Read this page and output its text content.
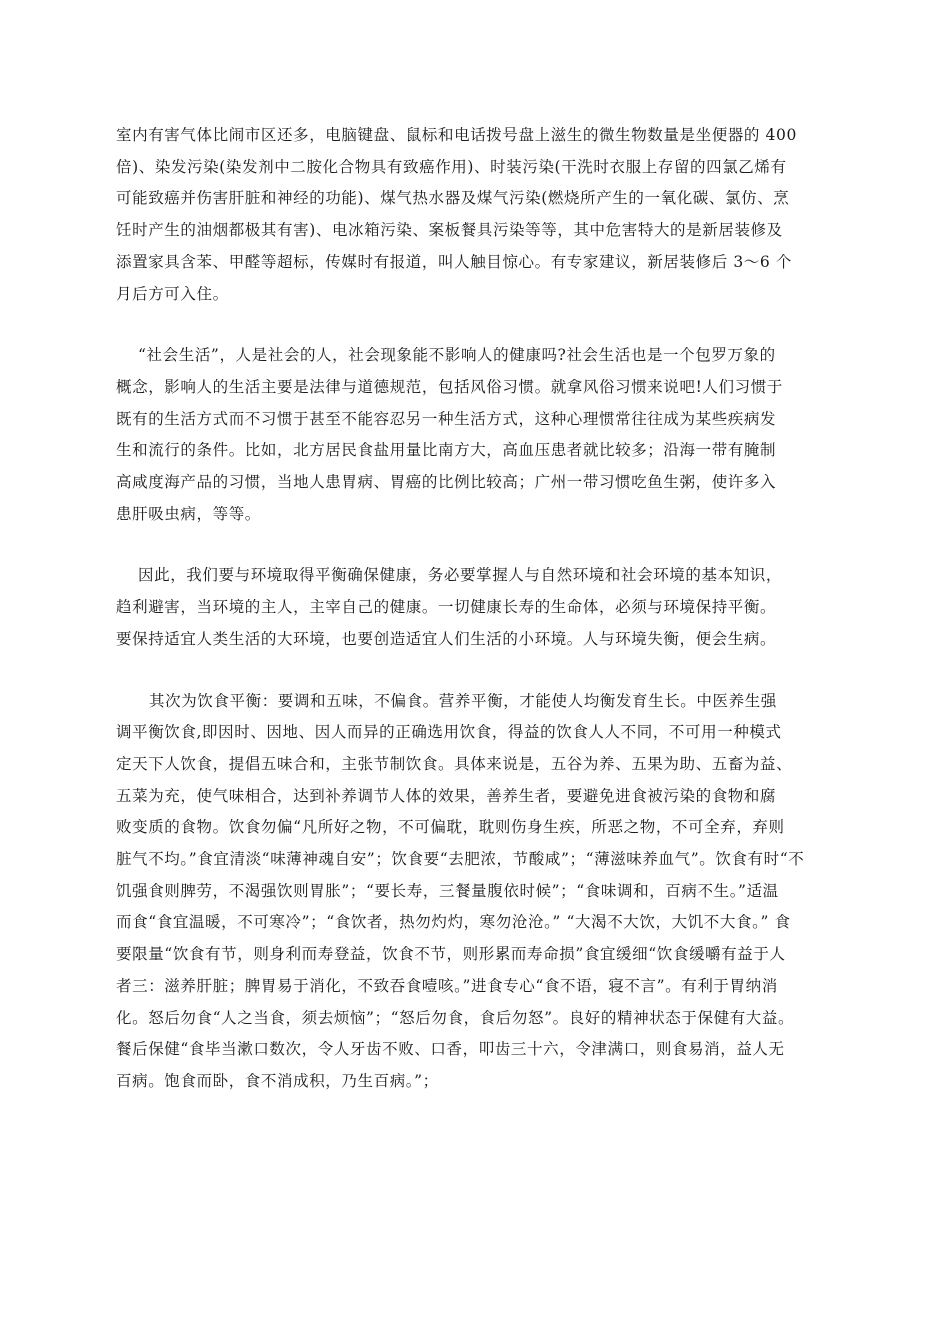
室内有害气体比闹市区还多，电脑键盘、鼠标和电话拨号盘上滋生的微生物数量是坐便器的 400
倍)、染发污染(染发剂中二胺化合物具有致癌作用)、时装污染(干洗时衣服上存留的四氯乙烯有
可能致癌并伤害肝脏和神经的功能)、煤气热水器及煤气污染(燃烧所产生的一氧化碳、氯仿、烹
饪时产生的油烟都极其有害)、电冰箱污染、案板餐具污染等等，其中危害特大的是新居装修及
添置家具含苯、甲醛等超标，传媒时有报道，叫人触目惊心。有专家建议，新居装修后 3～6 个
月后方可入住。
“社会生活”，人是社会的人，社会现象能不影响人的健康吗?社会生活也是一个包罗万象的
概念，影响人的生活主要是法律与道德规范，包括风俗习惯。就拿风俗习惯来说吧!人们习惯于
既有的生活方式而不习惯于甚至不能容忍另一种生活方式，这种心理惯常往往成为某些疾病发
生和流行的条件。比如，北方居民食盐用量比南方大，高血压患者就比较多；沿海一带有腌制
高咸度海产品的习惯，当地人患胃病、胃癌的比例比较高；广州一带习惯吃鱼生粥，使许多入
患肝吸虫病，等等。
因此，我们要与环境取得平衡确保健康，务必要掌握人与自然环境和社会环境的基本知识，
趋利避害，当环境的主人，主宰自己的健康。一切健康长寿的生命体，必须与环境保持平衡。
要保持适宜人类生活的大环境，也要创造适宜人们生活的小环境。人与环境失衡，便会生病。
其次为饮食平衡：要调和五味，不偏食。营养平衡，才能使人均衡发育生长。中医养生强
调平衡饮食,即因时、因地、因人而异的正确选用饮食，得益的饮食人人不同，不可用一种模式
定天下人饮食，提倡五味合和，主张节制饮食。具体来说是，五谷为养、五果为助、五畜为益、
五菜为充，使气味相合，达到补养调节人体的效果，善养生者，要避免进食被污染的食物和腐
败变质的食物。饮食勿偏“凡所好之物，不可偏耽，耽则伤身生疾，所恶之物，不可全弃，弃则
脏气不均。”食宜清淡“味薄神魂自安”；饮食要“去肥浓，节酸咸”；“薄滋味养血气”。饮食有时“不
饥强食则脾劳，不渴强饮则胃胀”；“要长寿，三餐量腹依时候”；“食味调和，百病不生。”适温
而食“食宜温暖，不可寒冷”；“食饮者，热勿灼灼，寒勿沧沧。” “大渴不大饮，大饥不大食。” 食
要限量“饮食有节，则身利而寿登益，饮食不节，则形累而寿命损”食宜缓细“饮食缓嚼有益于人
者三：滋养肝脏；脾胃易于消化，不致吞食噎咳。”进食专心“食不语，寝不言”。有利于胃纳消
化。怒后勿食“人之当食，须去烦恼”；“怒后勿食，食后勿怒”。良好的精神状态于保健有大益。
餐后保健“食毕当漱口数次，令人牙齿不败、口香，叩齿三十六，令津满口，则食易消，益人无
百病。饱食而卧，食不消成积，乃生百病。”；
